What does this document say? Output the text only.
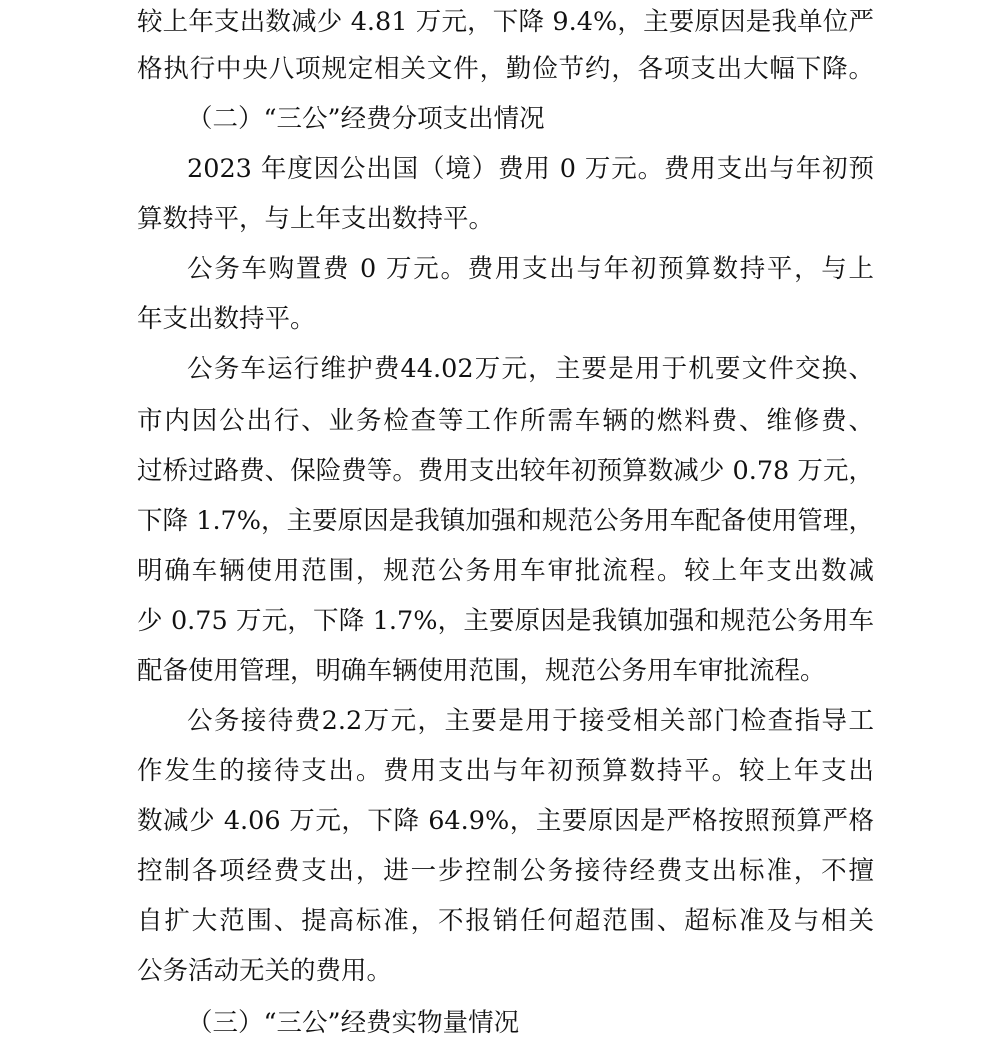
较上年支出数减少 4.81 万元，下降 9.4%，主要原因是我单位严
格执行中央八项规定相关文件，勤俭节约，各项支出大幅下降。
（二）“三公”经费分项支出情况
2023 年度因公出国（境）费用 0 万元。费用支出与年初预
算数持平，与上年支出数持平。
公务车购置费 0 万元。费用支出与年初预算数持平，与上
年支出数持平。
公务车运行维护费44.02万元，主要是用于机要文件交换、
市内因公出行、业务检查等工作所需车辆的燃料费、维修费、
过桥过路费、保险费等。费用支出较年初预算数减少 0.78 万元，
下降 1.7%，主要原因是我镇加强和规范公务用车配备使用管理，
明确车辆使用范围，规范公务用车审批流程。较上年支出数减
少 0.75 万元，下降 1.7%，主要原因是我镇加强和规范公务用车
配备使用管理，明确车辆使用范围，规范公务用车审批流程。
公务接待费2.2万元，主要是用于接受相关部门检查指导工
作发生的接待支出。费用支出与年初预算数持平。较上年支出
数减少 4.06 万元，下降 64.9%，主要原因是严格按照预算严格
控制各项经费支出，进一步控制公务接待经费支出标准，不擅
自扩大范围、提高标准，不报销任何超范围、超标准及与相关
公务活动无关的费用。
（三）“三公”经费实物量情况
